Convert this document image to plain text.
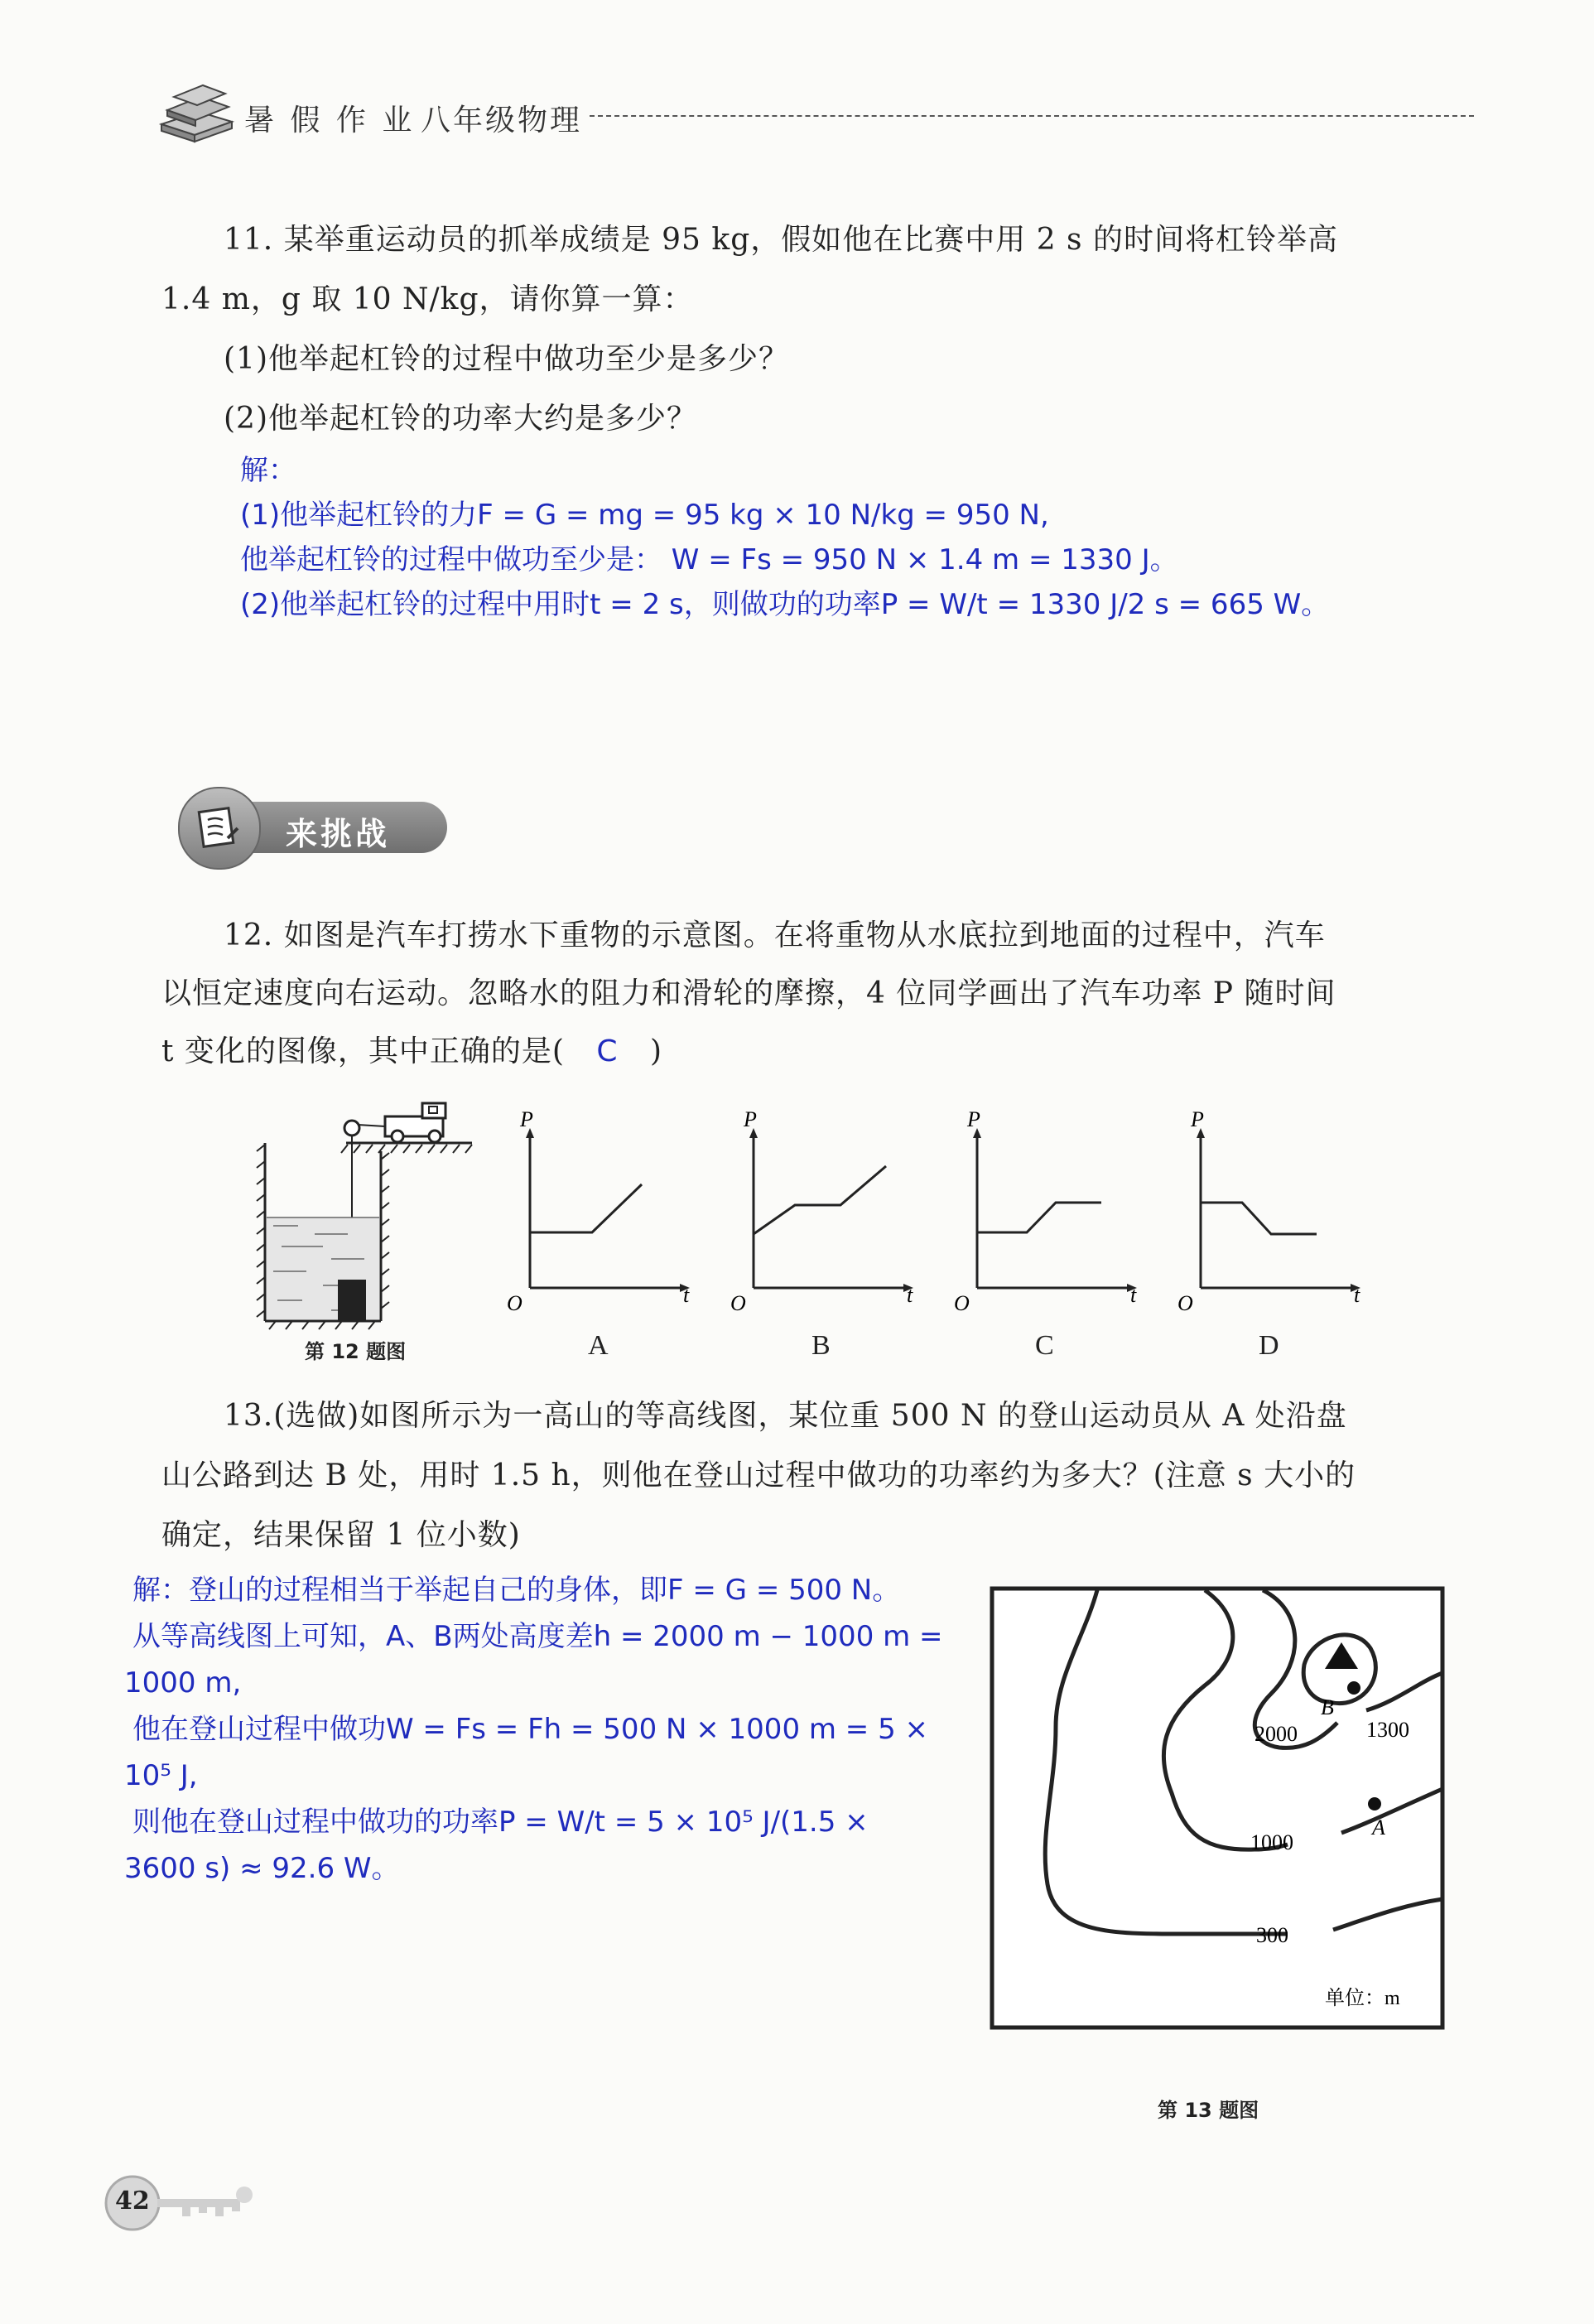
暑 假 作 业 八年级物理
11. 某举重运动员的抓举成绩是 95 kg，假如他在比赛中用 2 s 的时间将杠铃举高
1.4 m，g 取 10 N/kg，请你算一算：
(1)他举起杠铃的过程中做功至少是多少？
(2)他举起杠铃的功率大约是多少？
解：
(1)他举起杠铃的力F = G = mg = 95 kg × 10 N/kg = 950 N,
他举起杠铃的过程中做功至少是： W = Fs = 950 N × 1.4 m = 1330 J。
(2)他举起杠铃的过程中用时t = 2 s，则做功的功率P = W/t = 1330 J/2 s = 665 W。
来挑战
12. 如图是汽车打捞水下重物的示意图。在将重物从水底拉到地面的过程中，汽车
以恒定速度向右运动。忽略水的阻力和滑轮的摩擦，4 位同学画出了汽车功率 P 随时间
t 变化的图像，其中正确的是( C )
第 12 题图
P
t
O
A
P
t
O
B
P
t
O
C
P
t
O
D
13.(选做)如图所示为一高山的等高线图，某位重 500 N 的登山运动员从 A 处沿盘
山公路到达 B 处，用时 1.5 h，则他在登山过程中做功的功率约为多大？(注意 s 大小的
确定，结果保留 1 位小数)
解：登山的过程相当于举起自己的身体，即F = G = 500 N。
从等高线图上可知，A、B两处高度差h = 2000 m − 1000 m =
1000 m,
他在登山过程中做功W = Fs = Fh = 500 N × 1000 m = 5 ×
10⁵ J,
则他在登山过程中做功的功率P = W/t = 5 × 10⁵ J/(1.5 ×
3600 s) ≈ 92.6 W。
B
A
2000	1300
1000
300
单位：m
第 13 题图
42
